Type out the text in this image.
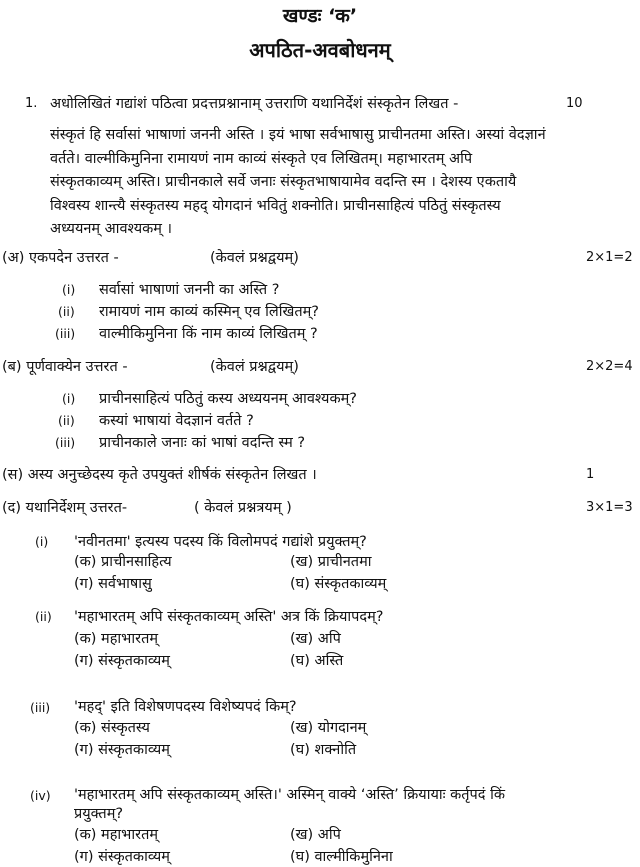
खण्डः ‘क’
अपठित-अवबोधनम्
1. अधोलिखितं गद्यांशं पठित्वा प्रदत्तप्रश्नानाम् उत्तराणि यथानिर्देशं संस्कृतेन लिखत -	10
संस्कृतं हि सर्वासां भाषाणां जननी अस्ति । इयं भाषा सर्वभाषासु प्राचीनतमा अस्ति। अस्यां वेदज्ञानं
वर्तते। वाल्मीकिमुनिना रामायणं नाम काव्यं संस्कृते एव लिखितम्। महाभारतम् अपि
संस्कृतकाव्यम् अस्ति। प्राचीनकाले सर्वे जनाः संस्कृतभाषायामेव वदन्ति स्म । देशस्य एकतायै
विश्वस्य शान्त्यै संस्कृतस्य महद् योगदानं भवितुं शक्नोति। प्राचीनसाहित्यं पठितुं संस्कृतस्य
अध्ययनम् आवश्यकम् ।
(अ) एकपदेन उत्तरत -	(केवलं प्रश्नद्वयम्)	2×1=2
(i) सर्वासां भाषाणां जननी का अस्ति ?
(ii) रामायणं नाम काव्यं कस्मिन् एव लिखितम्?
(iii) वाल्मीकिमुनिना किं नाम काव्यं लिखितम् ?
(ब) पूर्णवाक्येन उत्तरत -	(केवलं प्रश्नद्वयम्)	2×2=4
(i) प्राचीनसाहित्यं पठितुं कस्य अध्ययनम् आवश्यकम्?
(ii) कस्यां भाषायां वेदज्ञानं वर्तते ?
(iii) प्राचीनकाले जनाः कां भाषां वदन्ति स्म ?
(स) अस्य अनुच्छेदस्य कृते उपयुक्तं शीर्षकं संस्कृतेन लिखत ।	1
(द) यथानिर्देशम् उत्तरत-	( केवलं प्रश्नत्रयम् )	3×1=3
(i) 'नवीनतमा' इत्यस्य पदस्य किं विलोमपदं गद्यांशे प्रयुक्तम्?
(क) प्राचीनसाहित्य	(ख) प्राचीनतमा
(ग) सर्वभाषासु	(घ) संस्कृतकाव्यम्
(ii) 'महाभारतम् अपि संस्कृतकाव्यम् अस्ति' अत्र किं क्रियापदम्?
(क) महाभारतम्	(ख) अपि
(ग) संस्कृतकाव्यम्	(घ) अस्ति
(iii) 'महद्' इति विशेषणपदस्य विशेष्यपदं किम्?
(क) संस्कृतस्य	(ख) योगदानम्
(ग) संस्कृतकाव्यम्	(घ) शक्नोति
(iv) 'महाभारतम् अपि संस्कृतकाव्यम् अस्ति।' अस्मिन् वाक्ये ‘अस्ति’ क्रियायाः कर्तृपदं किं
प्रयुक्तम्?
(क) महाभारतम्	(ख) अपि
(ग) संस्कृतकाव्यम्	(घ) वाल्मीकिमुनिना
